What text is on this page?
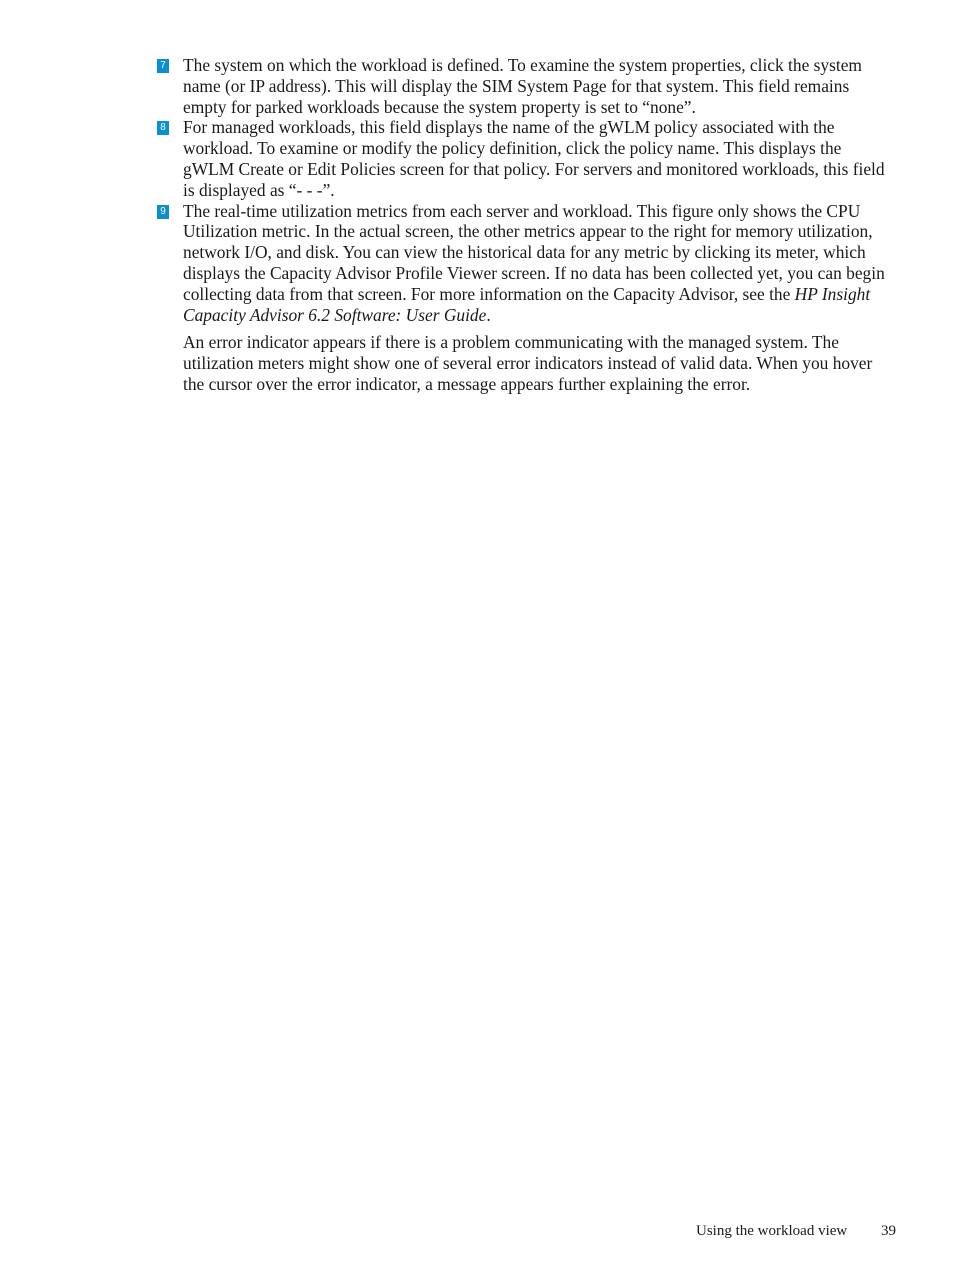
7 The system on which the workload is defined. To examine the system properties, click the system name (or IP address). This will display the SIM System Page for that system. This field remains empty for parked workloads because the system property is set to “none”.
8 For managed workloads, this field displays the name of the gWLM policy associated with the workload. To examine or modify the policy definition, click the policy name. This displays the gWLM Create or Edit Policies screen for that policy. For servers and monitored workloads, this field is displayed as “- - -”.
9 The real-time utilization metrics from each server and workload. This figure only shows the CPU Utilization metric. In the actual screen, the other metrics appear to the right for memory utilization, network I/O, and disk. You can view the historical data for any metric by clicking its meter, which displays the Capacity Advisor Profile Viewer screen. If no data has been collected yet, you can begin collecting data from that screen. For more information on the Capacity Advisor, see the HP Insight Capacity Advisor 6.2 Software: User Guide.
An error indicator appears if there is a problem communicating with the managed system. The utilization meters might show one of several error indicators instead of valid data. When you hover the cursor over the error indicator, a message appears further explaining the error.
Using the workload view 39
